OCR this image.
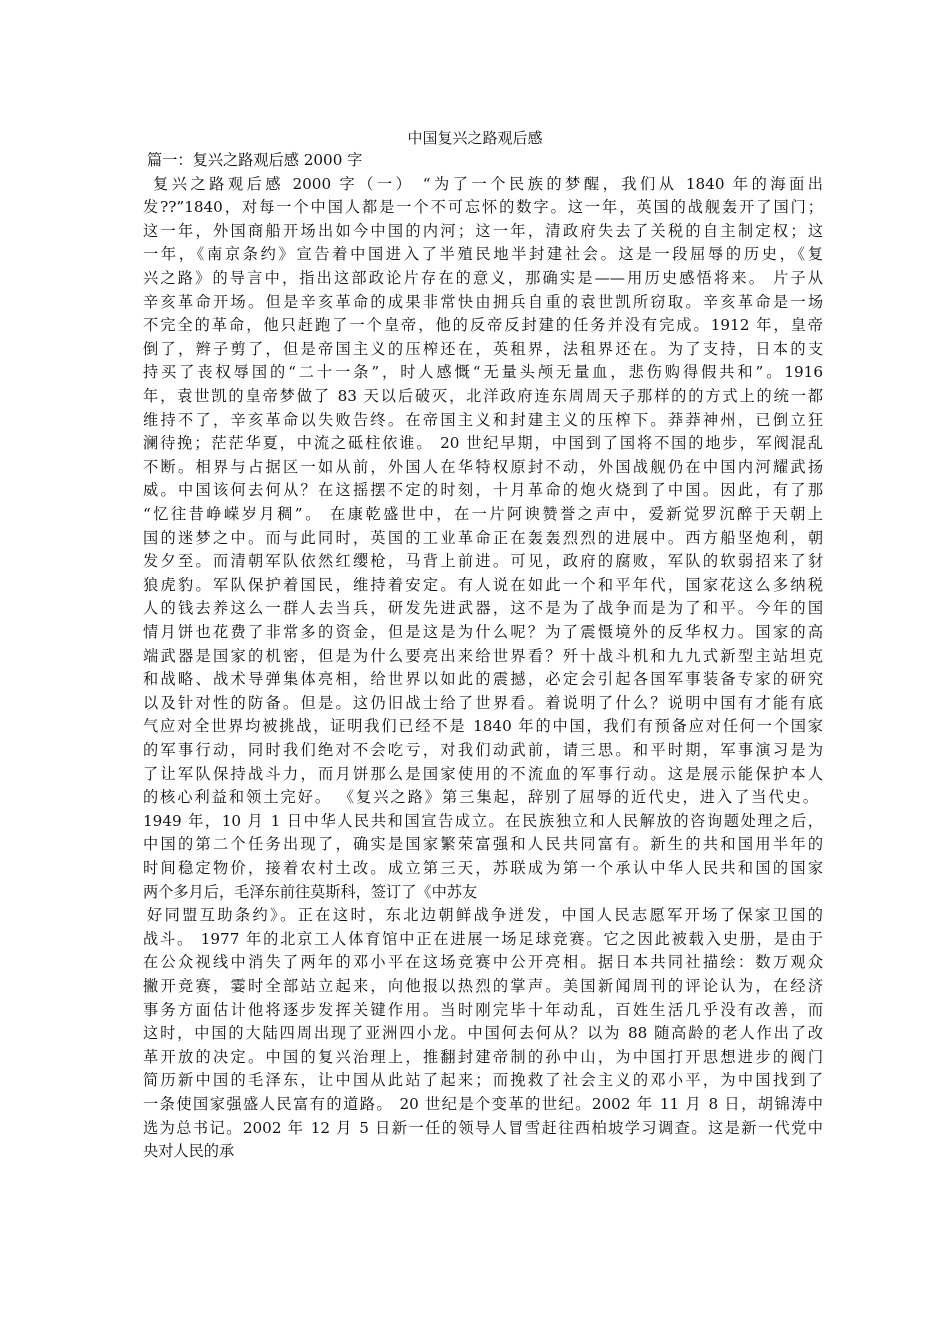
中国复兴之路观后感
篇一：复兴之路观后感 2000 字
复兴之路观后感 2000 字（一） “为了一个民族的梦醒，我们从 1840 年的海面出
发??”1840，对每一个中国人都是一个不可忘怀的数字。这一年，英国的战舰轰开了国门；
这一年，外国商船开场出如今中国的内河；这一年，清政府失去了关税的自主制定权；这
一年，《南京条约》宣告着中国进入了半殖民地半封建社会。这是一段屈辱的历史，《复
兴之路》的导言中，指出这部政论片存在的意义，那确实是——用历史感悟将来。 片子从
辛亥革命开场。但是辛亥革命的成果非常快由拥兵自重的袁世凯所窃取。辛亥革命是一场
不完全的革命，他只赶跑了一个皇帝，他的反帝反封建的任务并没有完成。1912 年，皇帝
倒了，辫子剪了，但是帝国主义的压榨还在，英租界，法租界还在。为了支持，日本的支
持买了丧权辱国的“二十一条”，时人感慨“无量头颅无量血，悲伤购得假共和”。1916
年，袁世凯的皇帝梦做了 83 天以后破灭，北洋政府连东周周天子那样的的方式上的统一都
维持不了，辛亥革命以失败告终。在帝国主义和封建主义的压榨下。莽莽神州，已倒立狂
澜待挽；茫茫华夏，中流之砥柱依谁。 20 世纪早期，中国到了国将不国的地步，军阀混乱
不断。相界与占据区一如从前，外国人在华特权原封不动，外国战舰仍在中国内河耀武扬
威。中国该何去何从？在这摇摆不定的时刻，十月革命的炮火烧到了中国。因此，有了那
“忆往昔峥嵘岁月稠”。 在康乾盛世中，在一片阿谀赞誉之声中，爱新觉罗沉醉于天朝上
国的迷梦之中。而与此同时，英国的工业革命正在轰轰烈烈的进展中。西方船坚炮利，朝
发夕至。而清朝军队依然红缨枪，马背上前进。可见，政府的腐败，军队的软弱招来了豺
狼虎豹。军队保护着国民，维持着安定。有人说在如此一个和平年代，国家花这么多纳税
人的钱去养这么一群人去当兵，研发先进武器，这不是为了战争而是为了和平。今年的国
情月饼也花费了非常多的资金，但是这是为什么呢？为了震慑境外的反华权力。国家的高
端武器是国家的机密，但是为什么要亮出来给世界看？歼十战斗机和九九式新型主站坦克
和战略、战术导弹集体亮相，给世界以如此的震撼，必定会引起各国军事装备专家的研究
以及针对性的防备。但是。这仍旧战士给了世界看。着说明了什么？说明中国有才能有底
气应对全世界均被挑战，证明我们已经不是 1840 年的中国，我们有预备应对任何一个国家
的军事行动，同时我们绝对不会吃亏，对我们动武前，请三思。和平时期，军事演习是为
了让军队保持战斗力，而月饼那么是国家使用的不流血的军事行动。这是展示能保护本人
的核心利益和领土完好。 《复兴之路》第三集起，辞别了屈辱的近代史，进入了当代史。
1949 年，10 月 1 日中华人民共和国宣告成立。在民族独立和人民解放的咨询题处理之后，
中国的第二个任务出现了，确实是国家繁荣富强和人民共同富有。新生的共和国用半年的
时间稳定物价，接着农村土改。成立第三天，苏联成为第一个承认中华人民共和国的国家
两个多月后，毛泽东前往莫斯科，签订了《中苏友
好同盟互助条约》。正在这时，东北边朝鲜战争迸发，中国人民志愿军开场了保家卫国的
战斗。 1977 年的北京工人体育馆中正在进展一场足球竞赛。它之因此被载入史册，是由于
在公众视线中消失了两年的邓小平在这场竞赛中公开亮相。据日本共同社描绘：数万观众
撇开竞赛，霎时全部站立起来，向他报以热烈的掌声。美国新闻周刊的评论认为，在经济
事务方面估计他将逐步发挥关键作用。当时刚完毕十年动乱，百姓生活几乎没有改善，而
这时，中国的大陆四周出现了亚洲四小龙。中国何去何从？以为 88 随高龄的老人作出了改
革开放的决定。中国的复兴治理上，推翻封建帝制的孙中山，为中国打开思想进步的阀门
简历新中国的毛泽东，让中国从此站了起来；而挽救了社会主义的邓小平，为中国找到了
一条使国家强盛人民富有的道路。 20 世纪是个变革的世纪。2002 年 11 月 8 日，胡锦涛中
选为总书记。2002 年 12 月 5 日新一任的领导人冒雪赶往西柏坡学习调查。这是新一代党中
央对人民的承
